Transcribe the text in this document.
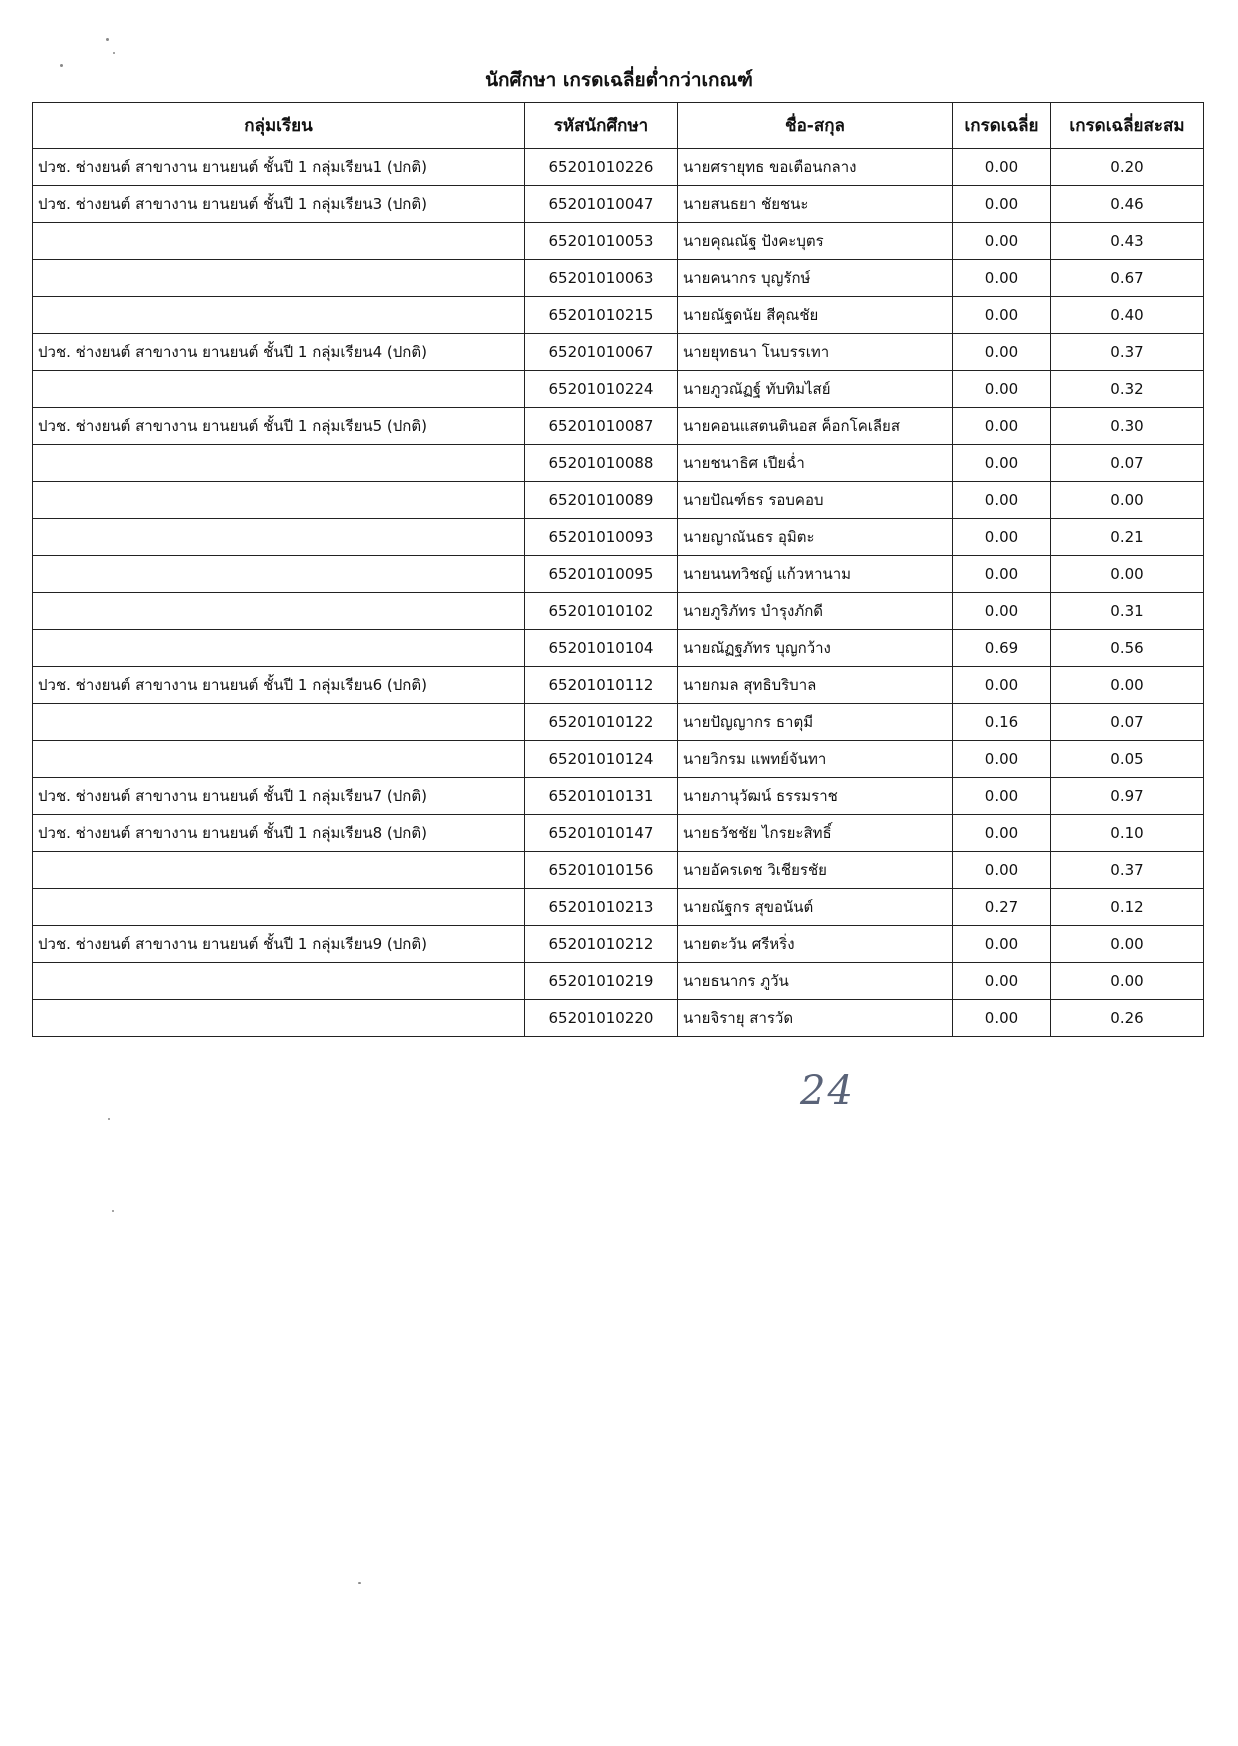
นักศึกษา เกรดเฉลี่ยต่ำกว่าเกณฑ์
กลุ่มเรียน	รหัสนักศึกษา	ชื่อ-สกุล	เกรดเฉลี่ย	เกรดเฉลี่ยสะสม
ปวช. ช่างยนต์ สาขางาน ยานยนต์ ชั้นปี 1 กลุ่มเรียน1 (ปกติ)	65201010226	นายศรายุทธ ขอเตือนกลาง	0.00	0.20
ปวช. ช่างยนต์ สาขางาน ยานยนต์ ชั้นปี 1 กลุ่มเรียน3 (ปกติ)	65201010047	นายสนธยา ชัยชนะ	0.00	0.46
	65201010053	นายคุณณัฐ ปังคะบุตร	0.00	0.43
	65201010063	นายคนากร บุญรักษ์	0.00	0.67
	65201010215	นายณัฐดนัย สีคุณชัย	0.00	0.40
ปวช. ช่างยนต์ สาขางาน ยานยนต์ ชั้นปี 1 กลุ่มเรียน4 (ปกติ)	65201010067	นายยุทธนา โนบรรเทา	0.00	0.37
	65201010224	นายภูวณัฏฐ์ ทับทิมไสย์	0.00	0.32
ปวช. ช่างยนต์ สาขางาน ยานยนต์ ชั้นปี 1 กลุ่มเรียน5 (ปกติ)	65201010087	นายคอนแสตนตินอส ค็อกโคเลียส	0.00	0.30
	65201010088	นายชนาธิศ เปียฉ่ำ	0.00	0.07
	65201010089	นายปัณฑ์ธร รอบคอบ	0.00	0.00
	65201010093	นายญาณันธร อุมิตะ	0.00	0.21
	65201010095	นายนนทวิชญ์ แก้วหานาม	0.00	0.00
	65201010102	นายภูริภัทร บำรุงภักดี	0.00	0.31
	65201010104	นายณัฏฐภัทร บุญกว้าง	0.69	0.56
ปวช. ช่างยนต์ สาขางาน ยานยนต์ ชั้นปี 1 กลุ่มเรียน6 (ปกติ)	65201010112	นายกมล สุทธิบริบาล	0.00	0.00
	65201010122	นายปัญญากร ธาตุมี	0.16	0.07
	65201010124	นายวิกรม แพทย์จันทา	0.00	0.05
ปวช. ช่างยนต์ สาขางาน ยานยนต์ ชั้นปี 1 กลุ่มเรียน7 (ปกติ)	65201010131	นายภานุวัฒน์ ธรรมราช	0.00	0.97
ปวช. ช่างยนต์ สาขางาน ยานยนต์ ชั้นปี 1 กลุ่มเรียน8 (ปกติ)	65201010147	นายธวัชชัย ไกรยะสิทธิ์	0.00	0.10
	65201010156	นายอัครเดช วิเชียรชัย	0.00	0.37
	65201010213	นายณัฐกร สุขอนันต์	0.27	0.12
ปวช. ช่างยนต์ สาขางาน ยานยนต์ ชั้นปี 1 กลุ่มเรียน9 (ปกติ)	65201010212	นายตะวัน ศรีหริ่ง	0.00	0.00
	65201010219	นายธนากร ภูวัน	0.00	0.00
	65201010220	นายจิรายุ สารวัด	0.00	0.26
24
